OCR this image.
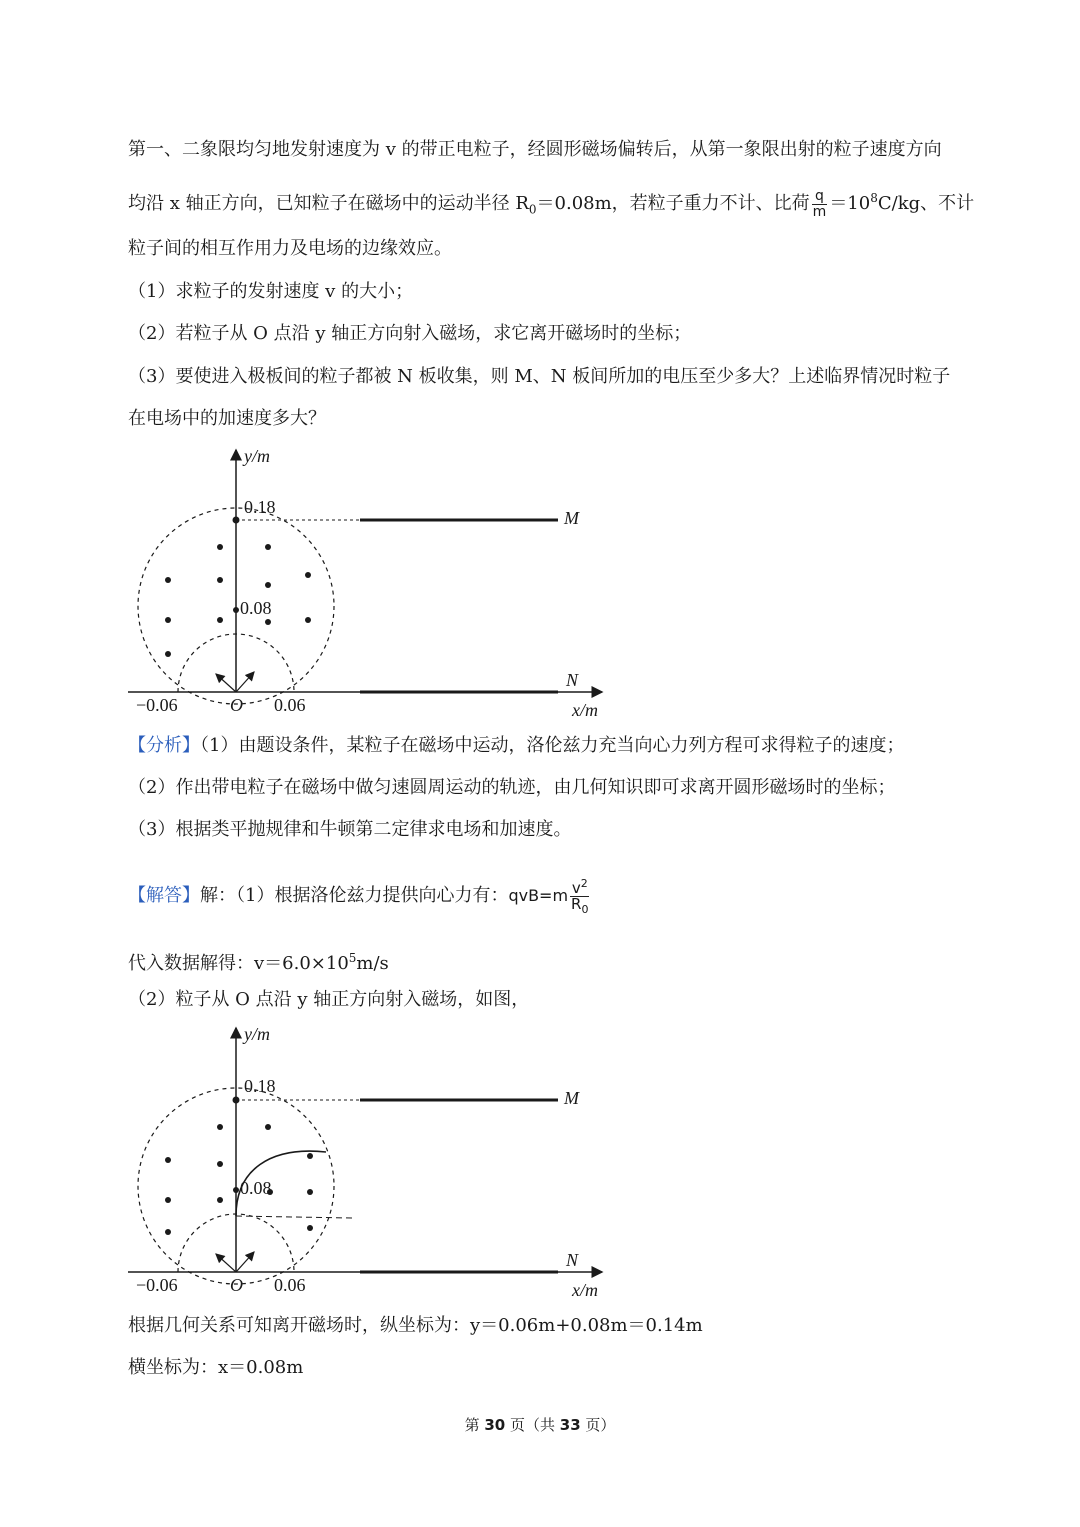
第一、二象限均匀地发射速度为 v 的带正电粒子，经圆形磁场偏转后，从第一象限出射的粒子速度方向
均沿 x 轴正方向，已知粒子在磁场中的运动半径 $R_0=0.08m$，若粒子重力不计、比荷 $\frac{q}{m} =10^8C/kg$、不计
粒子间的相互作用力及电场的边缘效应。
（1）求粒子的发射速度 v 的大小；
（2）若粒子从 O 点沿 y 轴正方向射入磁场，求它离开磁场时的坐标；
（3）要使进入极板间的粒子都被 N 板收集，则 M、N 板间所加的电压至少多大？上述临界情况时粒子
在电场中的加速度多大？
y/m
0.18
0.08
O
−0.06	0.06
M
N
x/m
【分析】（1）由题设条件，某粒子在磁场中运动，洛伦兹力充当向心力列方程可求得粒子的速度；
（2）作出带电粒子在磁场中做匀速圆周运动的轨迹，由几何知识即可求离开圆形磁场时的坐标；
（3）根据类平抛规律和牛顿第二定律求电场和加速度。
【解答】解：（1）根据洛伦兹力提供向心力有：$qvB=m \frac{v^2}{R_0}$
代入数据解得：$v=6.0\times 10^5m/s$
（2）粒子从 O 点沿 y 轴正方向射入磁场，如图，
y/m
0.18
0.08
O
−0.06	0.06
M
N
x/m
根据几何关系可知离开磁场时，纵坐标为：y＝0.06m+0.08m＝0.14m
横坐标为：x＝0.08m
第 30 页（共 33 页）
